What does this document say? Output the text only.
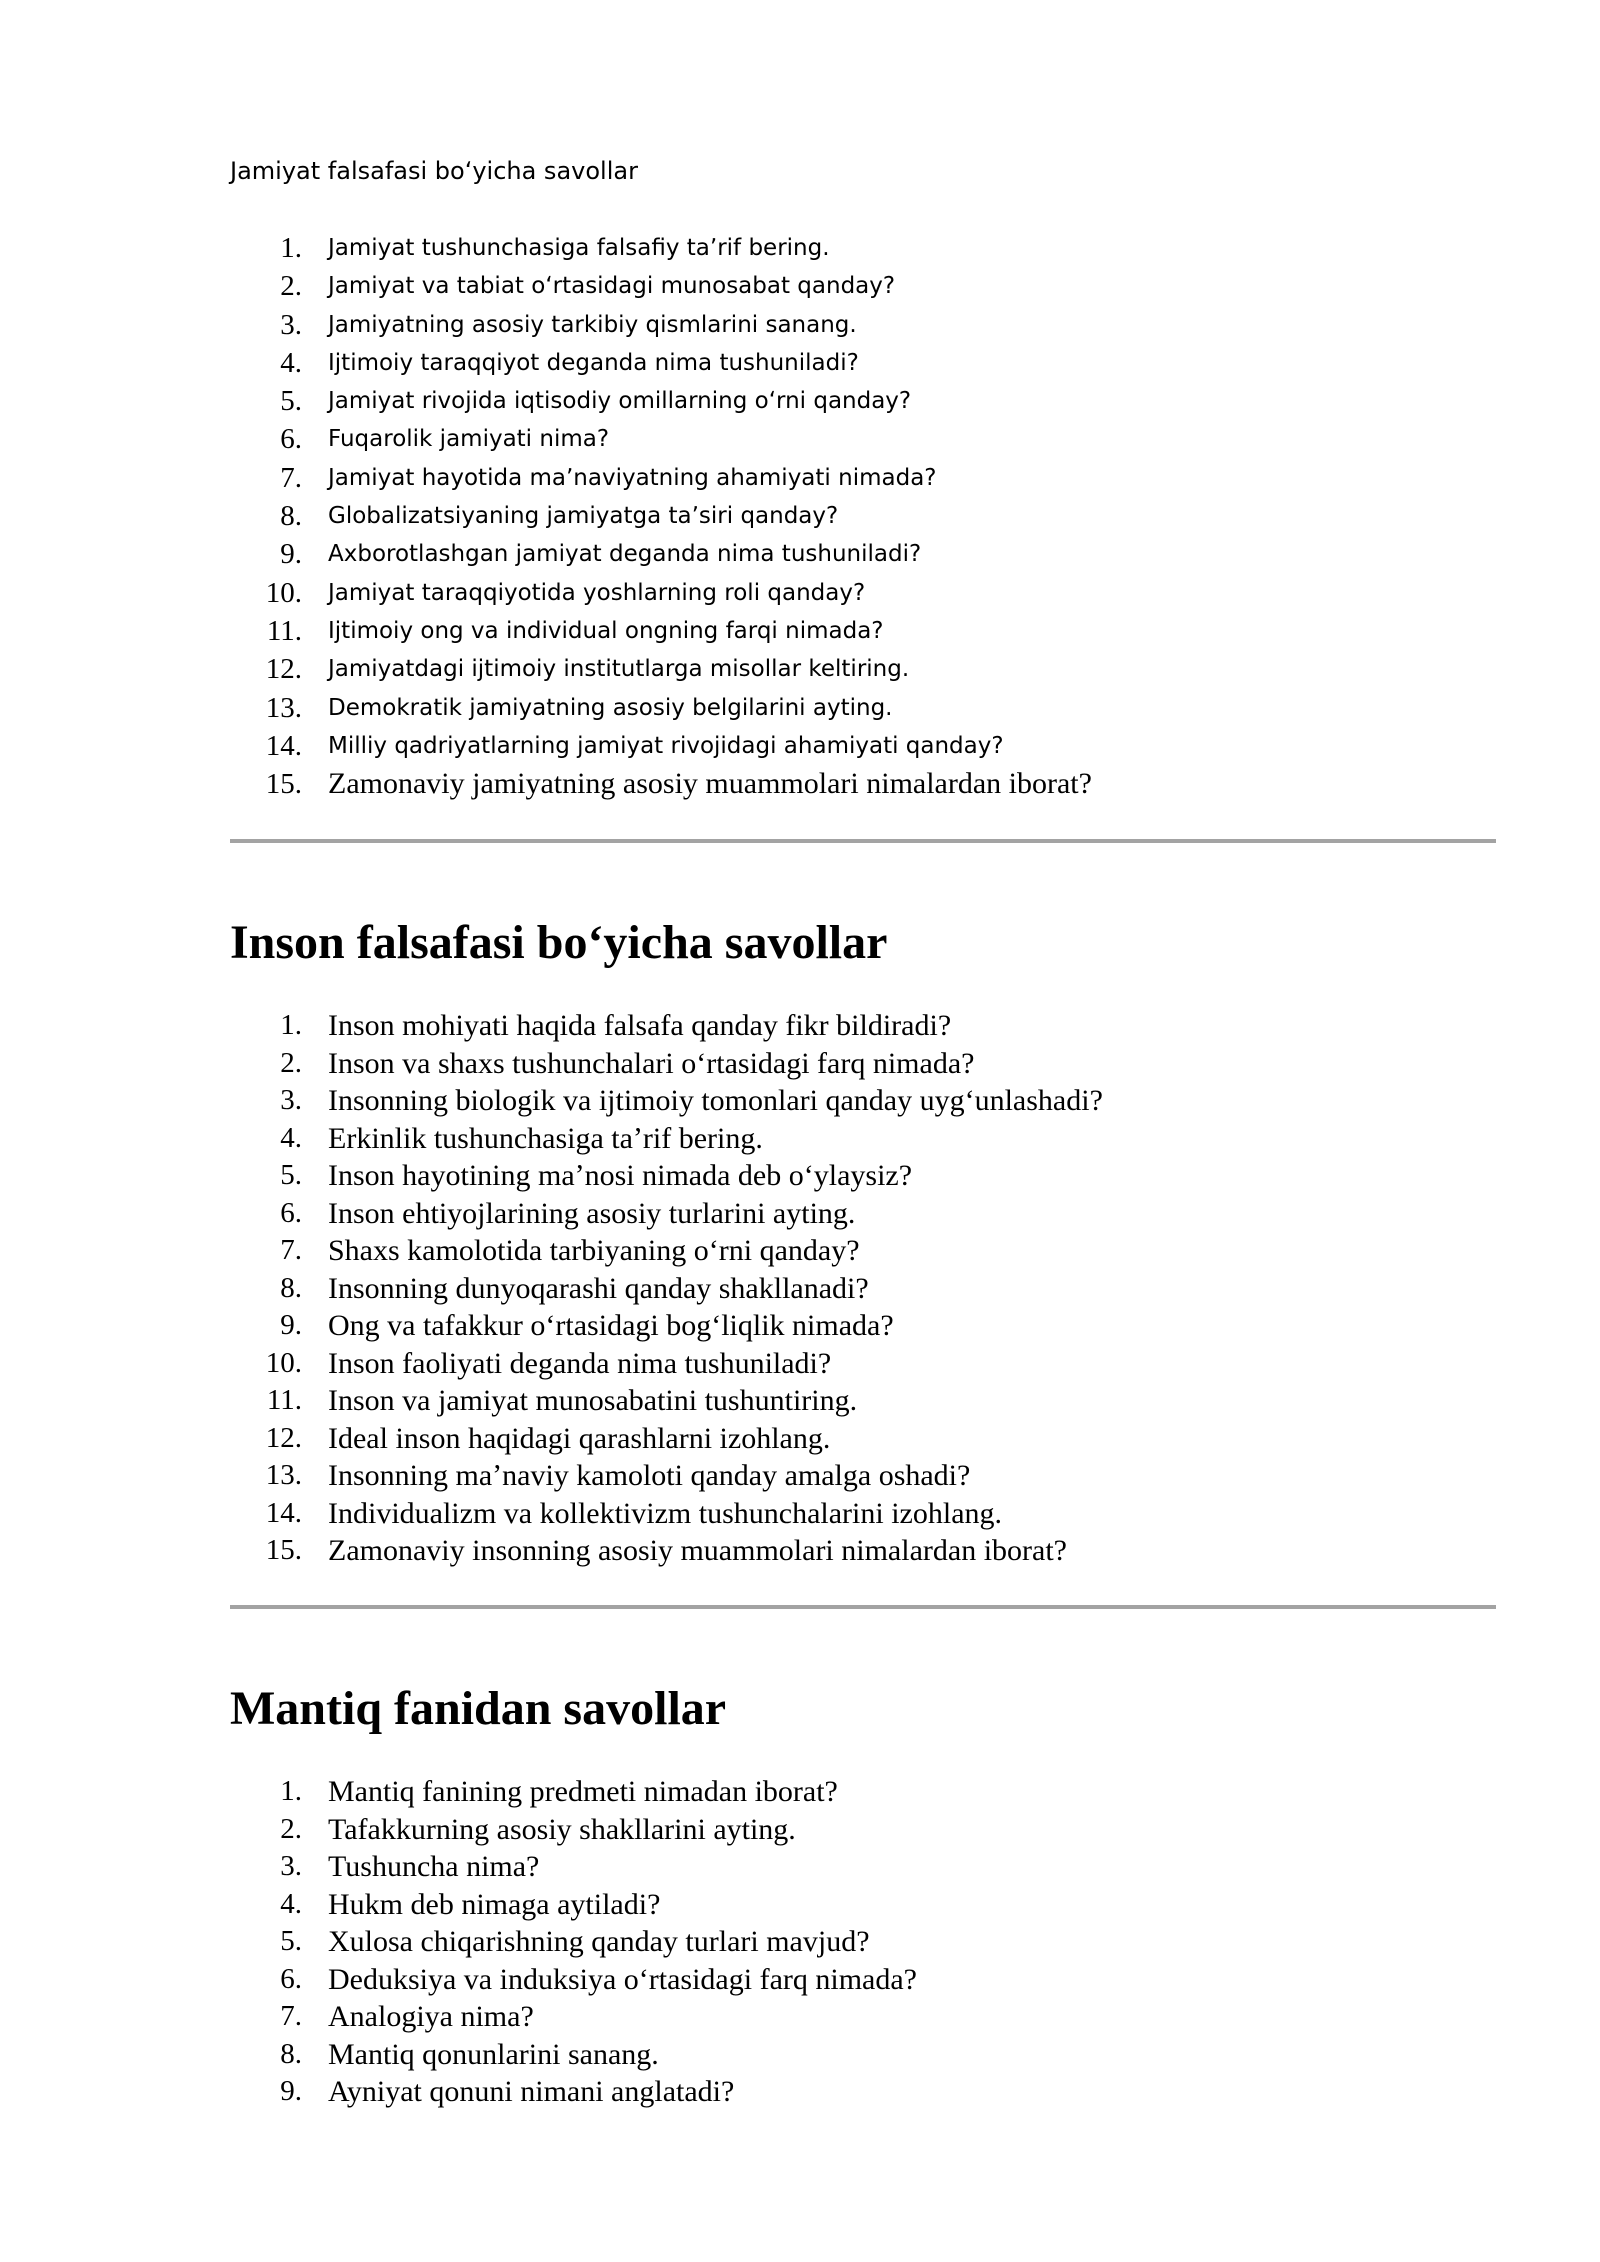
Jamiyat falsafasi boʻyicha savollar

1. Jamiyat tushunchasiga falsafiy taʼrif bering.
2. Jamiyat va tabiat oʻrtasidagi munosabat qanday?
3. Jamiyatning asosiy tarkibiy qismlarini sanang.
4. Ijtimoiy taraqqiyot deganda nima tushuniladi?
5. Jamiyat rivojida iqtisodiy omillarning oʻrni qanday?
6. Fuqarolik jamiyati nima?
7. Jamiyat hayotida maʼnaviyatning ahamiyati nimada?
8. Globalizatsiyaning jamiyatga taʼsiri qanday?
9. Axborotlashgan jamiyat deganda nima tushuniladi?
10. Jamiyat taraqqiyotida yoshlarning roli qanday?
11. Ijtimoiy ong va individual ongning farqi nimada?
12. Jamiyatdagi ijtimoiy institutlarga misollar keltiring.
13. Demokratik jamiyatning asosiy belgilarini ayting.
14. Milliy qadriyatlarning jamiyat rivojidagi ahamiyati qanday?
15. Zamonaviy jamiyatning asosiy muammolari nimalardan iborat?
Inson falsafasi boʻyicha savollar
1. Inson mohiyati haqida falsafa qanday fikr bildiradi?
2. Inson va shaxs tushunchalari oʻrtasidagi farq nimada?
3. Insonning biologik va ijtimoiy tomonlari qanday uygʻunlashadi?
4. Erkinlik tushunchasiga taʼrif bering.
5. Inson hayotining maʼnosi nimada deb oʻylaysiz?
6. Inson ehtiyojlarining asosiy turlarini ayting.
7. Shaxs kamolotida tarbiyaning oʻrni qanday?
8. Insonning dunyoqarashi qanday shakllanadi?
9. Ong va tafakkur oʻrtasidagi bogʻliqlik nimada?
10. Inson faoliyati deganda nima tushuniladi?
11. Inson va jamiyat munosabatini tushuntiring.
12. Ideal inson haqidagi qarashlarni izohlang.
13. Insonning maʼnaviy kamoloti qanday amalga oshadi?
14. Individualizm va kollektivizm tushunchalarini izohlang.
15. Zamonaviy insonning asosiy muammolari nimalardan iborat?
Mantiq fanidan savollar
1. Mantiq fanining predmeti nimadan iborat?
2. Tafakkurning asosiy shakllarini ayting.
3. Tushuncha nima?
4. Hukm deb nimaga aytiladi?
5. Xulosa chiqarishning qanday turlari mavjud?
6. Deduksiya va induksiya oʻrtasidagi farq nimada?
7. Analogiya nima?
8. Mantiq qonunlarini sanang.
9. Ayniyat qonuni nimani anglatadi?
